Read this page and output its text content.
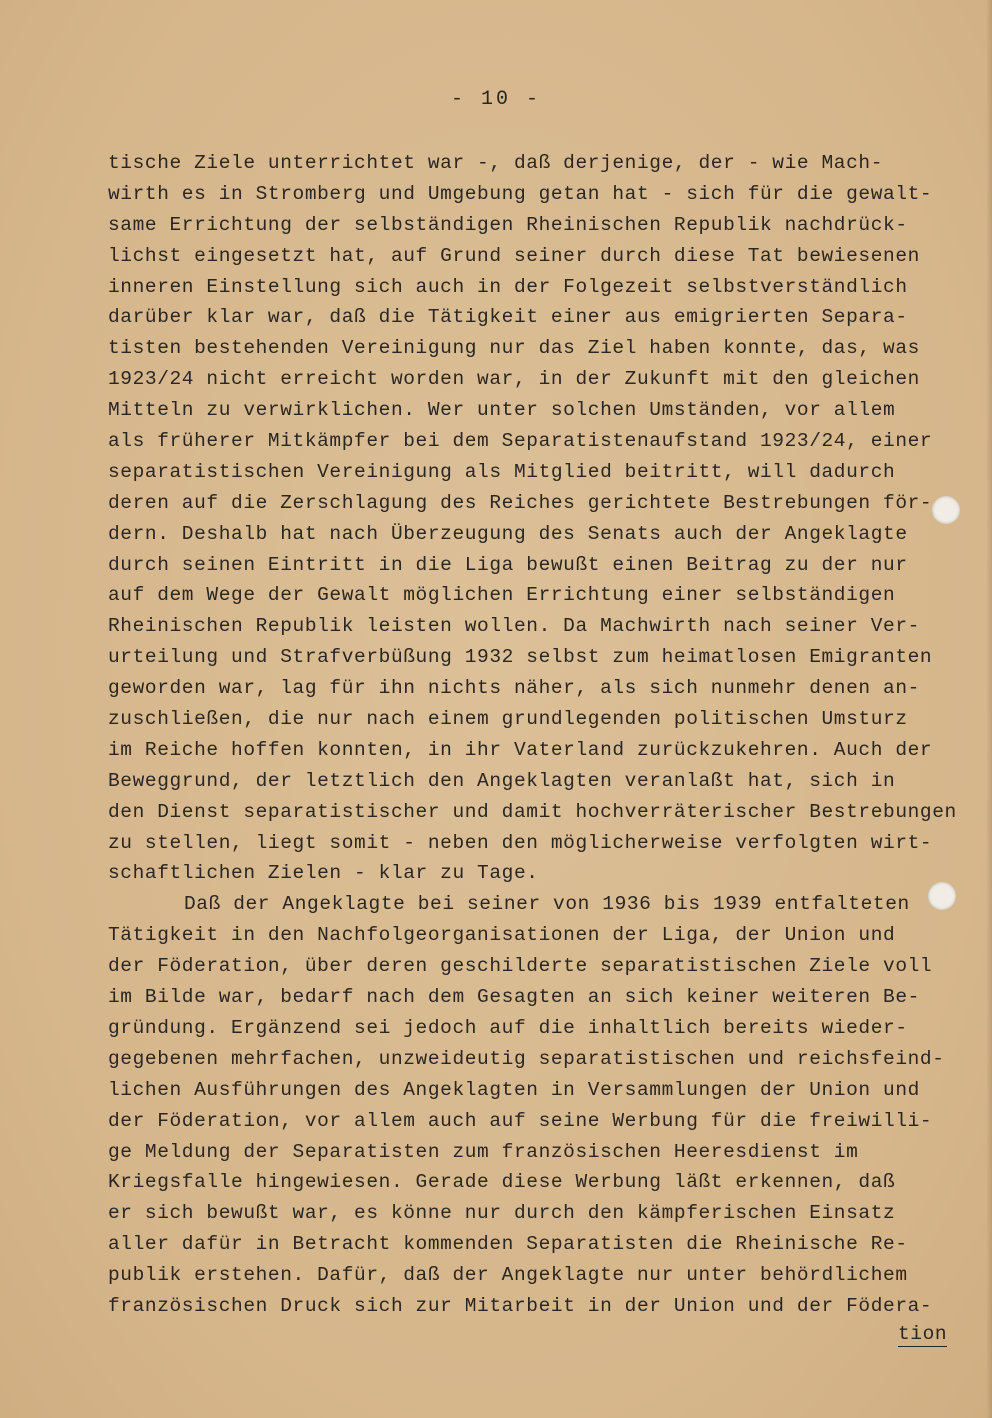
- 10 -
tische Ziele unterrichtet war -, daß derjenige, der - wie Mach-
wirth es in Stromberg und Umgebung getan hat - sich für die gewalt-
same Errichtung der selbständigen Rheinischen Republik nachdrück-
lichst eingesetzt hat, auf Grund seiner durch diese Tat bewiesenen
inneren Einstellung sich auch in der Folgezeit selbstverständlich
darüber klar war, daß die Tätigkeit einer aus emigrierten Separa-
tisten bestehenden Vereinigung nur das Ziel haben konnte, das, was
1923/24 nicht erreicht worden war, in der Zukunft mit den gleichen
Mitteln zu verwirklichen. Wer unter solchen Umständen, vor allem
als früherer Mitkämpfer bei dem Separatistenaufstand 1923/24, einer
separatistischen Vereinigung als Mitglied beitritt, will dadurch
deren auf die Zerschlagung des Reiches gerichtete Bestrebungen för-
dern. Deshalb hat nach Überzeugung des Senats auch der Angeklagte
durch seinen Eintritt in die Liga bewußt einen Beitrag zu der nur
auf dem Wege der Gewalt möglichen Errichtung einer selbständigen
Rheinischen Republik leisten wollen. Da Machwirth nach seiner Ver-
urteilung und Strafverbüßung 1932 selbst zum heimatlosen Emigranten
geworden war, lag für ihn nichts näher, als sich nunmehr denen an-
zuschließen, die nur nach einem grundlegenden politischen Umsturz
im Reiche hoffen konnten, in ihr Vaterland zurückzukehren. Auch der
Beweggrund, der letztlich den Angeklagten veranlaßt hat, sich in
den Dienst separatistischer und damit hochverräterischer Bestrebungen
zu stellen, liegt somit - neben den möglicherweise verfolgten wirt-
schaftlichen Zielen - klar zu Tage.
Daß der Angeklagte bei seiner von 1936 bis 1939 entfalteten
Tätigkeit in den Nachfolgeorganisationen der Liga, der Union und
der Föderation, über deren geschilderte separatistischen Ziele voll
im Bilde war, bedarf nach dem Gesagten an sich keiner weiteren Be-
gründung. Ergänzend sei jedoch auf die inhaltlich bereits wieder-
gegebenen mehrfachen, unzweideutig separatistischen und reichsfeind-
lichen Ausführungen des Angeklagten in Versammlungen der Union und
der Föderation, vor allem auch auf seine Werbung für die freiwilli-
ge Meldung der Separatisten zum französischen Heeresdienst im
Kriegsfalle hingewiesen. Gerade diese Werbung läßt erkennen, daß
er sich bewußt war, es könne nur durch den kämpferischen Einsatz
aller dafür in Betracht kommenden Separatisten die Rheinische Re-
publik erstehen. Dafür, daß der Angeklagte nur unter behördlichem
französischen Druck sich zur Mitarbeit in der Union und der Födera-
tion
